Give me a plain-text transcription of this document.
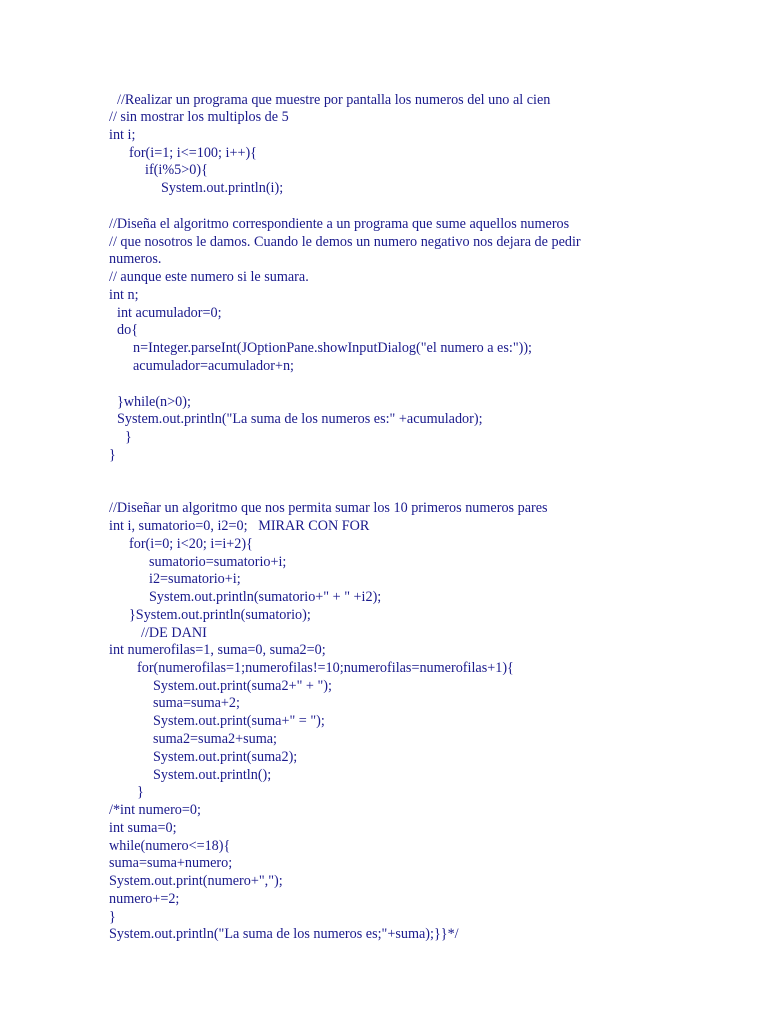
//Realizar un programa que muestre por pantalla los numeros del uno al cien

// sin mostrar los multiplos de 5

int i;

for(i=1; i<=100; i++){

if(i%5>0){

System.out.println(i);

//Diseña el algoritmo correspondiente a un programa que sume aquellos numeros

// que nosotros le damos. Cuando le demos un numero negativo nos dejara de pedir

numeros.

// aunque este numero si le sumara.

int n;

int acumulador=0;

do{

n=Integer.parseInt(JOptionPane.showInputDialog("el numero a es:"));

acumulador=acumulador+n;

}while(n>0);

System.out.println("La suma de los numeros es:" +acumulador);

}

}

//Diseñar un algoritmo que nos permita sumar los 10 primeros numeros pares

int i, sumatorio=0, i2=0;   MIRAR CON FOR

for(i=0; i<20; i=i+2){

sumatorio=sumatorio+i;

i2=sumatorio+i;

System.out.println(sumatorio+" + " +i2);

}System.out.println(sumatorio);

//DE DANI

int numerofilas=1, suma=0, suma2=0;

for(numerofilas=1;numerofilas!=10;numerofilas=numerofilas+1){

System.out.print(suma2+" + ");

suma=suma+2;

System.out.print(suma+" = ");

suma2=suma2+suma;

System.out.print(suma2);

System.out.println();

}

/*int numero=0;

int suma=0;

while(numero<=18){

suma=suma+numero;

System.out.print(numero+",");

numero+=2;

}

System.out.println("La suma de los numeros es;"+suma);}}*/
